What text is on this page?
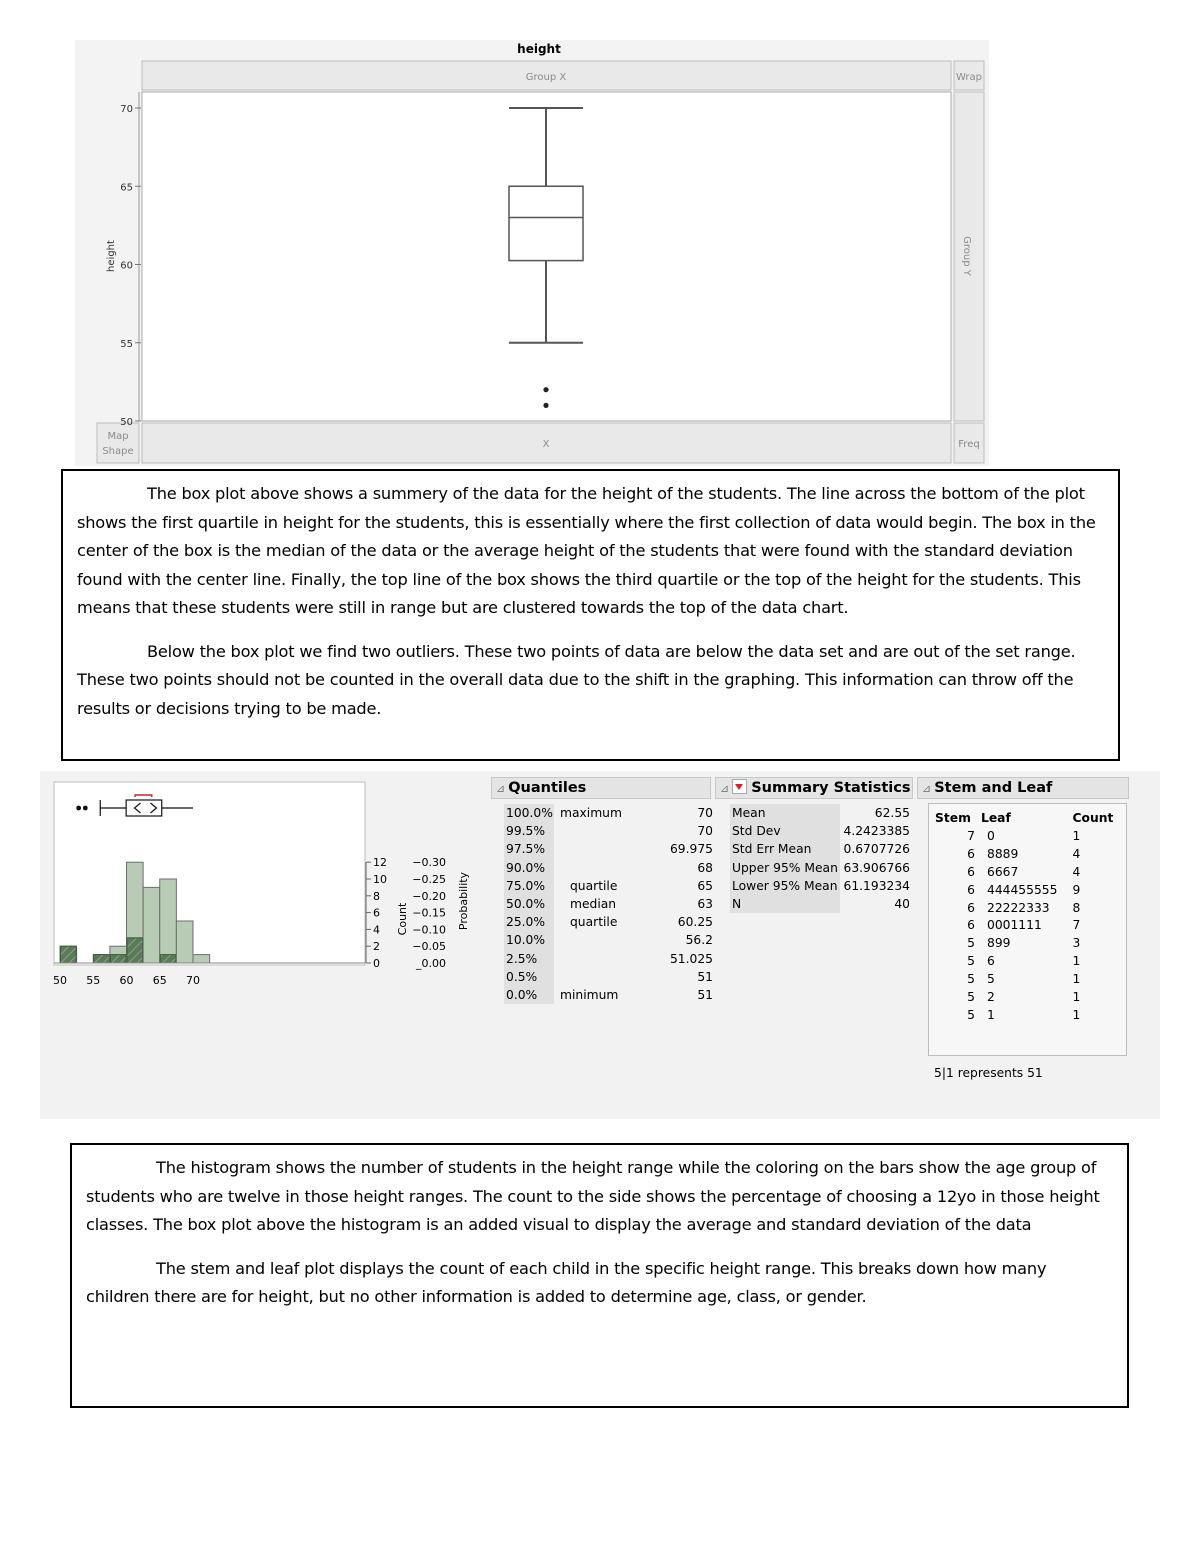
height
Group X	Wrap
Group Y
height
Map
Shape
X	Freq
50
55
60
65
70

The box plot above shows a summery of the data for the height of the students. The line across the bottom of the plot shows the first quartile in height for the students, this is essentially where the first collection of data would begin. The box in the center of the box is the median of the data or the average height of the students that were found with the standard deviation found with the center line. Finally, the top line of the box shows the third quartile or the top of the height for the students. This means that these students were still in range but are clustered towards the top of the data chart.

Below the box plot we find two outliers. These two points of data are below the data set and are out of the set range. These two points should not be counted in the overall data due to the shift in the graphing. This information can throw off the results or decisions trying to be made.

Count	Probability
50 55 60 65 70
12
10
8
6
4
2
0
−0.30
−0.25
−0.20
−0.15
−0.10
−0.05
_0.00
⊿ Quantiles
100.0%	maximum	70
99.5%		70
97.5%		69.975
90.0%		68
75.0%	quartile	65
50.0%	median	63
25.0%	quartile	60.25
10.0%		56.2
2.5%		51.025
0.5%		51
0.0%	minimum	51
⊿ Summary Statistics
Mean	62.55
Std Dev	4.2423385
Std Err Mean	0.6707726
Upper 95% Mean	63.906766
Lower 95% Mean	61.193234
N	40
⊿ Stem and Leaf
Stem	Leaf	Count
7	0	1
6	8889	4
6	6667	4
6	444455555	9
6	22222333	8
6	0001111	7
5	899	3
5	6	1
5	5	1
5	2	1
5	1	1
5|1 represents 51

The histogram shows the number of students in the height range while the coloring on the bars show the age group of students who are twelve in those height ranges. The count to the side shows the percentage of choosing a 12yo in those height classes. The box plot above the histogram is an added visual to display the average and standard deviation of the data

The stem and leaf plot displays the count of each child in the specific height range. This breaks down how many children there are for height, but no other information is added to determine age, class, or gender.
